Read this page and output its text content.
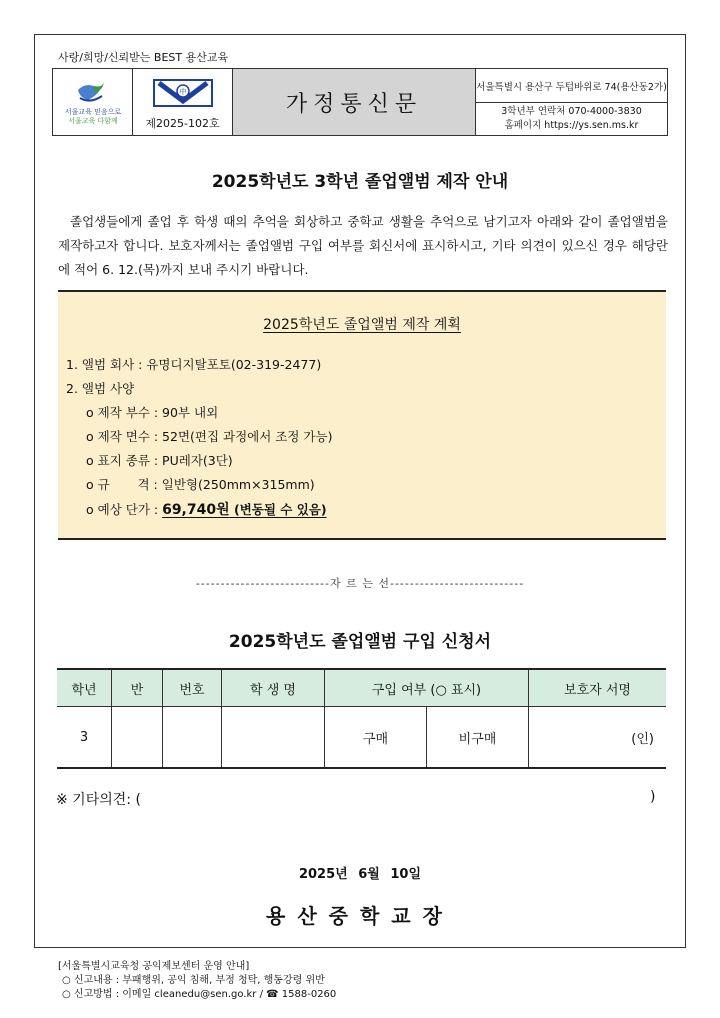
사랑/희망/신뢰받는 BEST 용산교육
서울교육 믿음으로
서울교육 다함께
中
제2025-102호
가정통신문
서울특별시 용산구 두텁바위로 74(용산동2가)
3학년부 연락처 070-4000-3830
홈페이지 https://ys.sen.ms.kr
2025학년도 3학년 졸업앨범 제작 안내
졸업생들에게 졸업 후 학생 때의 추억을 회상하고 중학교 생활을 추억으로 남기고자 아래와 같이 졸업앨범을 제작하고자 합니다. 보호자께서는 졸업앨범 구입 여부를 회신서에 표시하시고, 기타 의견이 있으신 경우 해당란에 적어 6. 12.(목)까지 보내 주시기 바랍니다.
2025학년도 졸업앨범 제작 계획
1. 앨범 회사 : 유명디지탈포토(02-319-2477)
2. 앨범 사양
o 제작 부수 : 90부 내외
o 제작 면수 : 52면(편집 과정에서 조정 가능)
o 표지 종류 : PU레자(3단)
o 규       격 : 일반형(250mm×315mm)
o 예상 단가 : 69,740원 (변동될 수 있음)
---------------------------자 르 는 선---------------------------
2025학년도 졸업앨범 구입 신청서
학년	반	번호	학 생 명	구입 여부 (○ 표시)		보호자 서명
3				구매	비구매	(인)
※ 기타의견: (	)
2025년 6월 10일
용산중학교장
[서울특별시교육청 공익제보센터 운영 안내]
○ 신고내용 : 부패행위, 공익 침해, 부정 청탁, 행동강령 위반
○ 신고방법 : 이메일 cleanedu@sen.go.kr / ☎ 1588-0260
